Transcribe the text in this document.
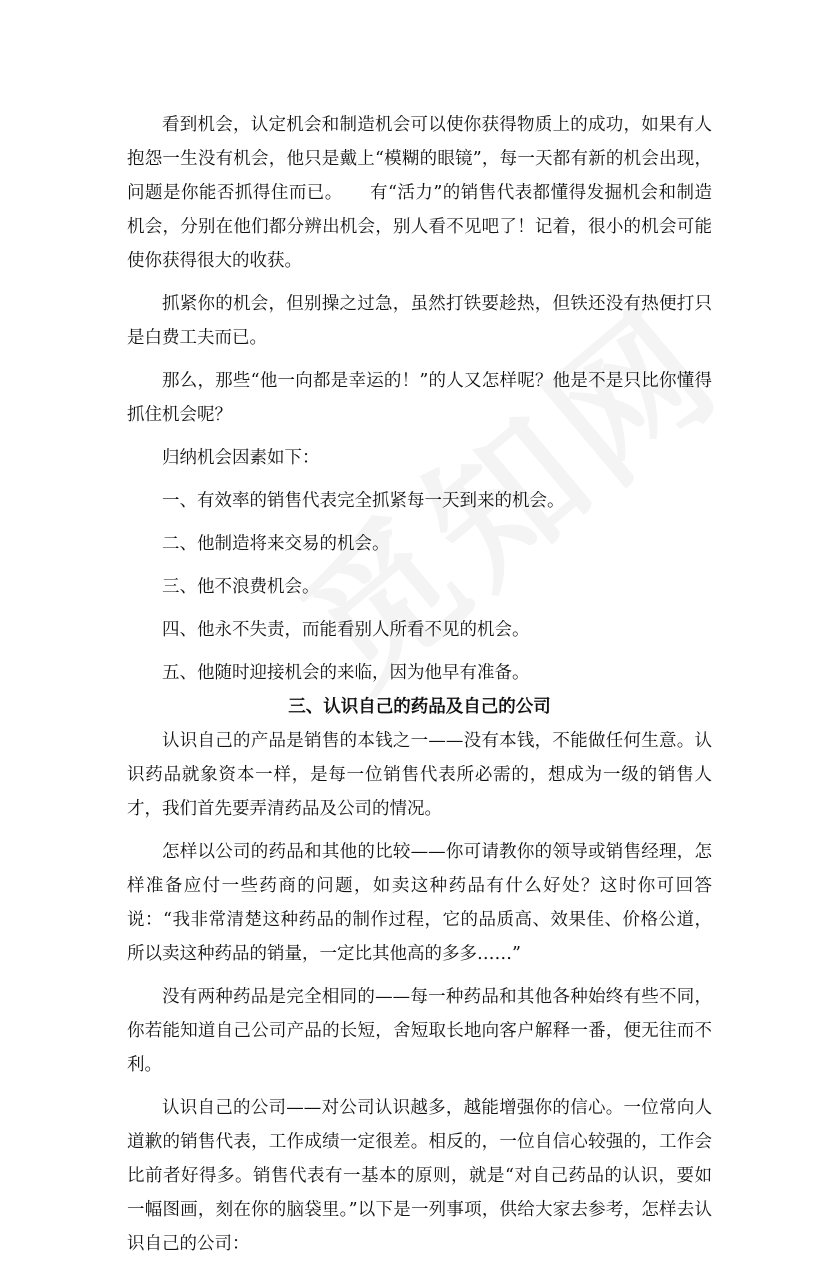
看到机会，认定机会和制造机会可以使你获得物质上的成功，如果有人抱怨一生没有机会，他只是戴上“模糊的眼镜”，每一天都有新的机会出现，问题是你能否抓得住而已。　　有“活力”的销售代表都懂得发掘机会和制造机会，分别在他们都分辨出机会，别人看不见吧了！记着，很小的机会可能使你获得很大的收获。

抓紧你的机会，但别操之过急，虽然打铁要趁热，但铁还没有热便打只是白费工夫而已。

那么，那些“他一向都是幸运的！”的人又怎样呢？他是不是只比你懂得抓住机会呢？

归纳机会因素如下：

一、有效率的销售代表完全抓紧每一天到来的机会。

二、他制造将来交易的机会。

三、他不浪费机会。

四、他永不失责，而能看别人所看不见的机会。

五、他随时迎接机会的来临，因为他早有准备。

三、认识自己的药品及自己的公司

认识自己的产品是销售的本钱之一——没有本钱，不能做任何生意。认识药品就象资本一样，是每一位销售代表所必需的，想成为一级的销售人才，我们首先要弄清药品及公司的情况。

怎样以公司的药品和其他的比较——你可请教你的领导或销售经理，怎样准备应付一些药商的问题，如卖这种药品有什么好处？这时你可回答说：“我非常清楚这种药品的制作过程，它的品质高、效果佳、价格公道，所以卖这种药品的销量，一定比其他高的多多……”

没有两种药品是完全相同的——每一种药品和其他各种始终有些不同，你若能知道自己公司产品的长短，舍短取长地向客户解释一番，便无往而不利。

认识自己的公司——对公司认识越多，越能增强你的信心。一位常向人道歉的销售代表，工作成绩一定很差。相反的，一位自信心较强的，工作会比前者好得多。销售代表有一基本的原则，就是“对自己药品的认识，要如一幅图画，刻在你的脑袋里。”以下是一列事项，供给大家去参考，怎样去认识自己的公司：
